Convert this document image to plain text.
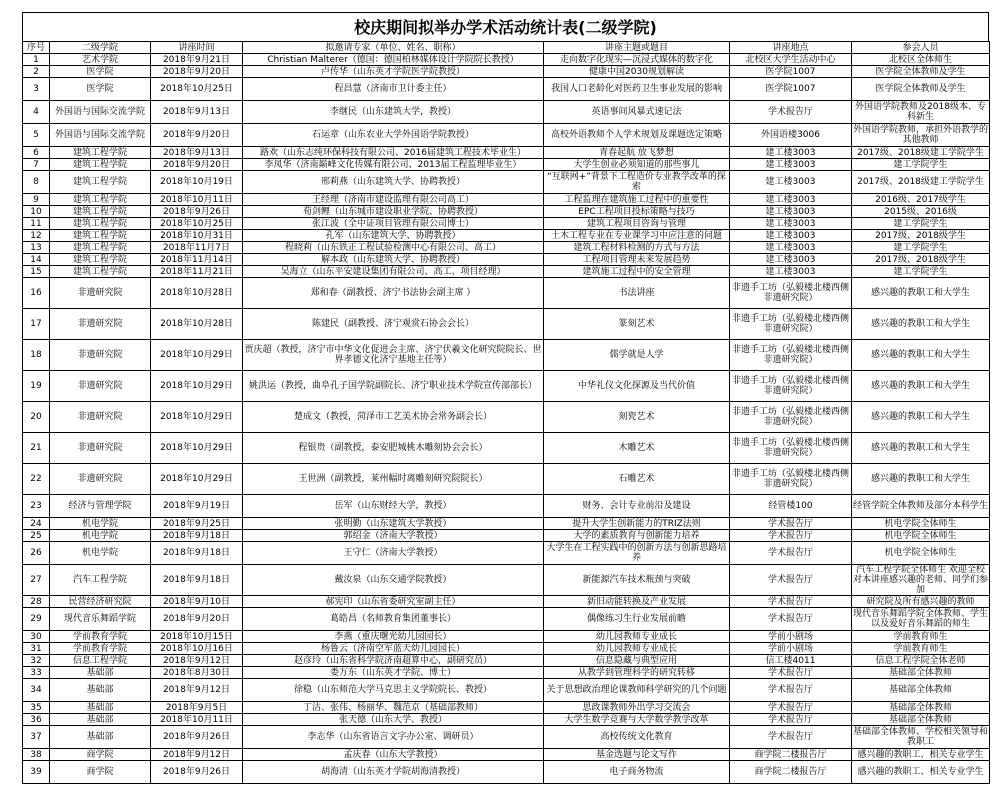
校庆期间拟举办学术活动统计表(二级学院)
序号	二级学院	讲座时间	拟邀请专家（单位、姓名、职称）	讲座主题或题目	讲座地点	参会人员
1	艺术学院	2018年9月21日	Christian Malterer（德国：德国柏林媒体设计学院院长教授）	走向数字化现实—沉浸式媒体的数字化	北校区大学生活动中心	北校区全体师生
2	医学院	2018年9月20日	卢传华（山东英才学院医学院教授）	健康中国2030规划解读	医学院1007	医学院全体教师及学生
3	医学院	2018年10月25日	程昌慧（济南市卫计委主任）	我国人口老龄化对医药卫生事业发展的影响	医学院1007	医学院全体教师及学生
4	外国语与国际交流学院	2018年9月13日	李继民（山东建筑大学，教授）	英语事间风暴式速记法	学术报告厅	外国语学院教师及2018级本、专科新生
5	外国语与国际交流学院	2018年9月20日	石运章（山东农业大学外国语学院教授）	高校外语教师个人学术规划及课题选定策略	外国语楼3006	外国语学院教师，承担外语教学的其他教师
6	建筑工程学院	2018年9月13日	路欢（山东志纯环保科技有限公司、2016届建筑工程技术毕业生）	青春起航 放飞梦想	建工楼3003	2017级、2018级建工学院学生
7	建筑工程学院	2018年9月20日	李凤华（济南巅峰文化传媒有限公司、2013届工程监理毕业生）	大学生创业必须知道的那些事儿	建工楼3003	建工学院学生
8	建筑工程学院	2018年10月19日	邢莉燕（山东建筑大学、协聘教授）	“互联网+”背景下工程造价专业教学改革的探索	建工楼3003	2017级、2018级建工学院学生
9	建筑工程学院	2018年10月11日	王经理（济南市建设监理有限公司高工）	工程监理在建筑施工过程中的重要性	建工楼3003	2016级、2017级学生
10	建筑工程学院	2018年9月26日	荀剑鲤（山东城市建设职业学院、协聘教授）	EPC工程项目投标策略与技巧	建工楼3003	2015级、2016级
11	建筑工程学院	2018年10月25日	张江波（全中证项目管理有限公司博士）	建筑工程项目咨询与管理	建工楼3003	建工学院学生
12	建筑工程学院	2018年10月31日	孔军（山东建筑大学、协聘教授）	土木工程专业在专业课学习中应注意的问题	建工楼3003	2017级、2018级学生
13	建筑工程学院	2018年11月7日	程晓莉（山东铁正工程试验检测中心有限公司、高工）	建筑工程材料检测的方式与方法	建工楼3003	建工学院学生
14	建筑工程学院	2018年11月14日	解本政（山东建筑大学、协聘教授）	工程项目管理未来发展趋势	建工楼3003	2017级、2018级学生
15	建筑工程学院	2018年11月21日	吴海立（山东平安建设集团有限公司、高工、项目经理）	建筑施工过程中的安全管理	建工楼3003	建工学院学生
16	非遗研究院	2018年10月28日	郑和春（副教授、济宁书法协会副主席 ）	书法讲座	非遗手工坊（弘毅楼北楼西侧非遗研究院）	感兴趣的教职工和大学生
17	非遗研究院	2018年10月28日	陈建民（副教授、济宁观赏石协会会长）	篆刻艺术	非遗手工坊（弘毅楼北楼西侧非遗研究院）	感兴趣的教职工和大学生
18	非遗研究院	2018年10月29日	贾庆超（教授，济宁市中华文化促进会主席、济宁伏羲文化研究院院长、世界孝德文化济宁基地主任等）	儒学就是人学	非遗手工坊（弘毅楼北楼西侧非遗研究院）	感兴趣的教职工和大学生
19	非遗研究院	2018年10月29日	姚洪运（教授，曲阜孔子国学院副院长、济宁职业技术学院宣传部部长）	中华礼仪文化探源及当代价值	非遗手工坊（弘毅楼北楼西侧非遗研究院）	感兴趣的教职工和大学生
20	非遗研究院	2018年10月29日	楚成文（教授，菏泽市工艺美术协会常务副会长）	刻瓷艺术	非遗手工坊（弘毅楼北楼西侧非遗研究院）	感兴趣的教职工和大学生
21	非遗研究院	2018年10月29日	程银贵（副教授，泰安肥城桃木雕刻协会会长）	木雕艺术	非遗手工坊（弘毅楼北楼西侧非遗研究院）	感兴趣的教职工和大学生
22	非遗研究院	2018年10月29日	王世洲（副教授，莱州幅时离雕刻研究院院长）	石雕艺术	非遗手工坊（弘毅楼北楼西侧非遗研究院）	感兴趣的教职工和大学生
23	经济与管理学院	2018年9月19日	岳军（山东财经大学，教授）	财务、会计专业前沿及建设	经管楼100	经管学院全体教师及部分本科学生
24	机电学院	2018年9月25日	张明勤（山东建筑大学教授）	提升大学生创新能力的TRIZ法则	学术报告厅	机电学院全体师生
25	机电学院	2018年9月18日	郭绍金（济南大学教授）	大学的素质教育与创新能力培养	学术报告厅	机电学院全体师生
26	机电学院	2018年9月18日	王守仁（济南大学教授）	大学生在工程实践中的创新方法与创新思路培养	学术报告厅	机电学院全体师生
27	汽车工程学院	2018年9月18日	戴汝泉（山东交通学院教授）	新能源汽车技术瓶颈与突破	学术报告厅	汽车工程学院全体师生 欢迎全校对本讲座感兴趣的老师、同学们参加
28	民营经济研究院	2018年9月10日	郝宪印（山东省委研究室副主任）	新旧动能转换及产业发展	学术报告厅	研究院及所有感兴趣的教师
29	现代音乐舞蹈学院	2018年9月20日	葛皓昌（名师教育集团董事长）	偶像练习生行业发展前瞻	学术报告厅	现代音乐舞蹈学院全体教师、学生以及爱好音乐舞蹈的师生
30	学前教育学院	2018年10月15日	李燕（重庆曙光幼儿园园长）	幼儿园教师专业成长	学前小剧场	学前教育师生
31	学前教育学院	2018年10月16日	杨鲁云（济南空军蓝天幼儿园园长）	幼儿园教师专业成长	学前小剧场	学前教育师生
32	信息工程学院	2018年9月12日	赵彦玲（山东省科学院济南超算中心，副研究员）	信息隐藏与典型应用	信工楼4011	信息工程学院全体老师
33	基础部	2018年8月30日	娄万东（山东英才学院、博士）	从教学到管理科学的研究转移	学术报告厅	基础部全体教师
34	基础部	2018年9月12日	徐稳（山东师范大学马克思主义学院院长、教授）	关于思想政治理论课教师科学研究的几个问题	学术报告厅	基础部全体教师
35	基础部	2018年9月5日	丁洁、张伟、杨丽华、魏范京（基础部教师）	思政课教师外出学习交流会	学术报告厅	基础部全体教师
36	基础部	2018年10月11日	张天德（山东大学、教授）	大学生数学竞赛与大学数学教学改革	学术报告厅	基础部全体教师
37	基础部	2018年9月26日	李志华（山东省语言文字办公室、调研员）	高校传统文化教育	学术报告厅	基础部全体教师、学校相关领导和教职工
38	商学院	2018年9月12日	孟庆春（山东大学教授）	基金选题与论文写作	商学院二楼报告厅	感兴趣的教职工、相关专业学生
39	商学院	2018年9月26日	胡海清（山东英才学院胡海清教授）	电子商务物流	商学院二楼报告厅	感兴趣的教职工、相关专业学生
